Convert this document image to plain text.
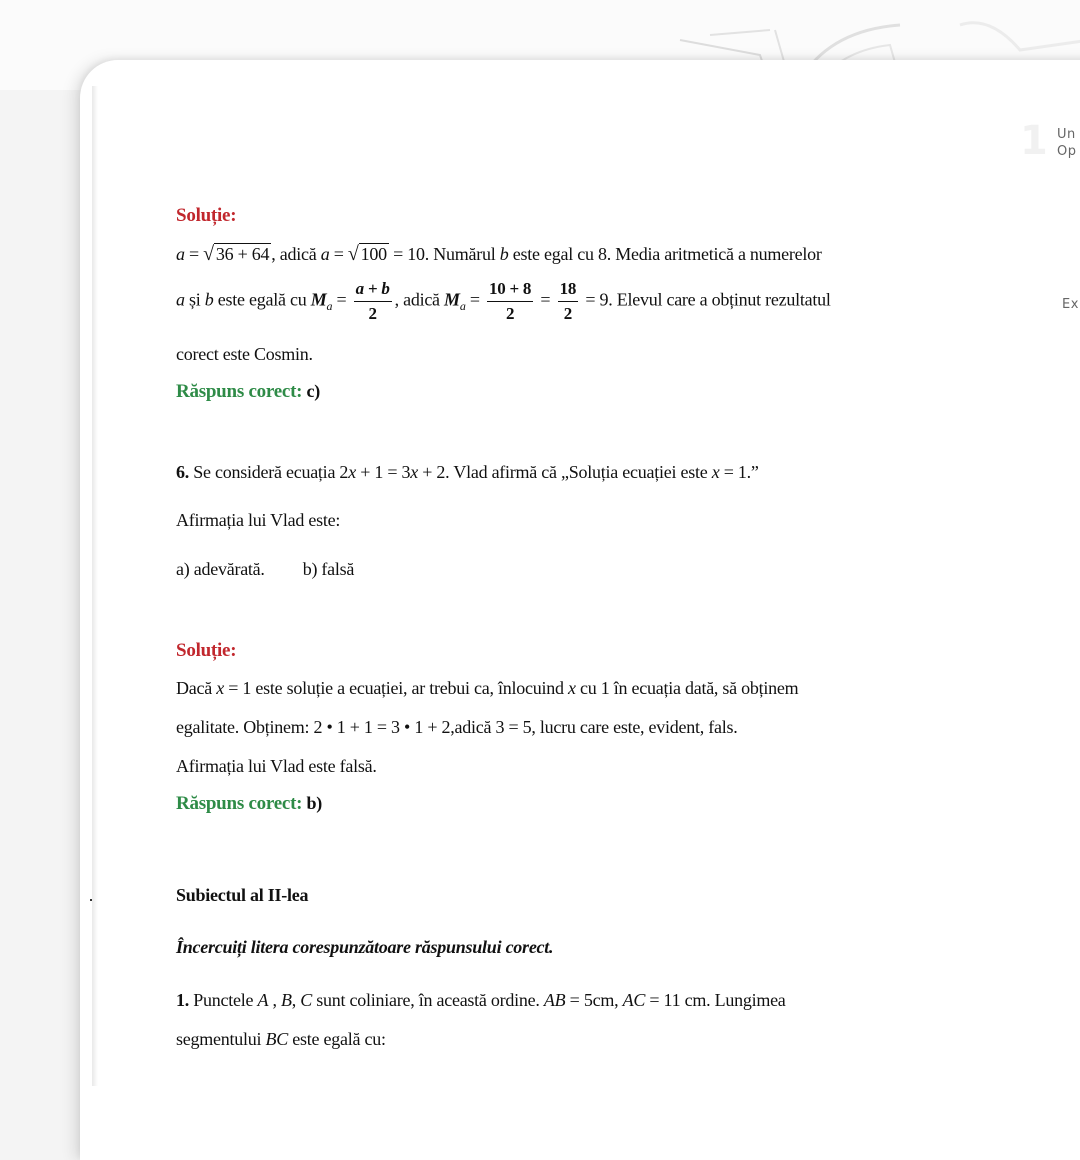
1 Un
Op
Ex
Soluție:
a = √ 36 + 64 , adică a = √ 100 = 10. Numărul b este egal cu 8. Media aritmetică a numerelor
a și b este egală cu $M_a = \frac{a + b}{2}$ , adică $M_a = \frac{10 + 8}{2} = \frac{18}{2} = 9$. Elevul care a obținut rezultatul
corect este Cosmin.
Răspuns corect: c)
6. Se consideră ecuația 2x + 1 = 3x + 2. Vlad afirmă că „Soluția ecuației este x = 1.”
Afirmația lui Vlad este:
a) adevărată. b) falsă
Soluție:
Dacă x = 1 este soluție a ecuației, ar trebui ca, înlocuind x cu 1 în ecuația dată, să obținem
egalitate. Obținem: 2 • 1 + 1 = 3 • 1 + 2,adică 3 = 5, lucru care este, evident, fals.
Afirmația lui Vlad este falsă.
Răspuns corect: b)
Subiectul al II-lea
Încercuiți litera corespunzătoare răspunsului corect.
1. Punctele A , B, C sunt coliniare, în această ordine. AB = 5cm, AC = 11 cm. Lungimea
segmentului BC este egală cu:
